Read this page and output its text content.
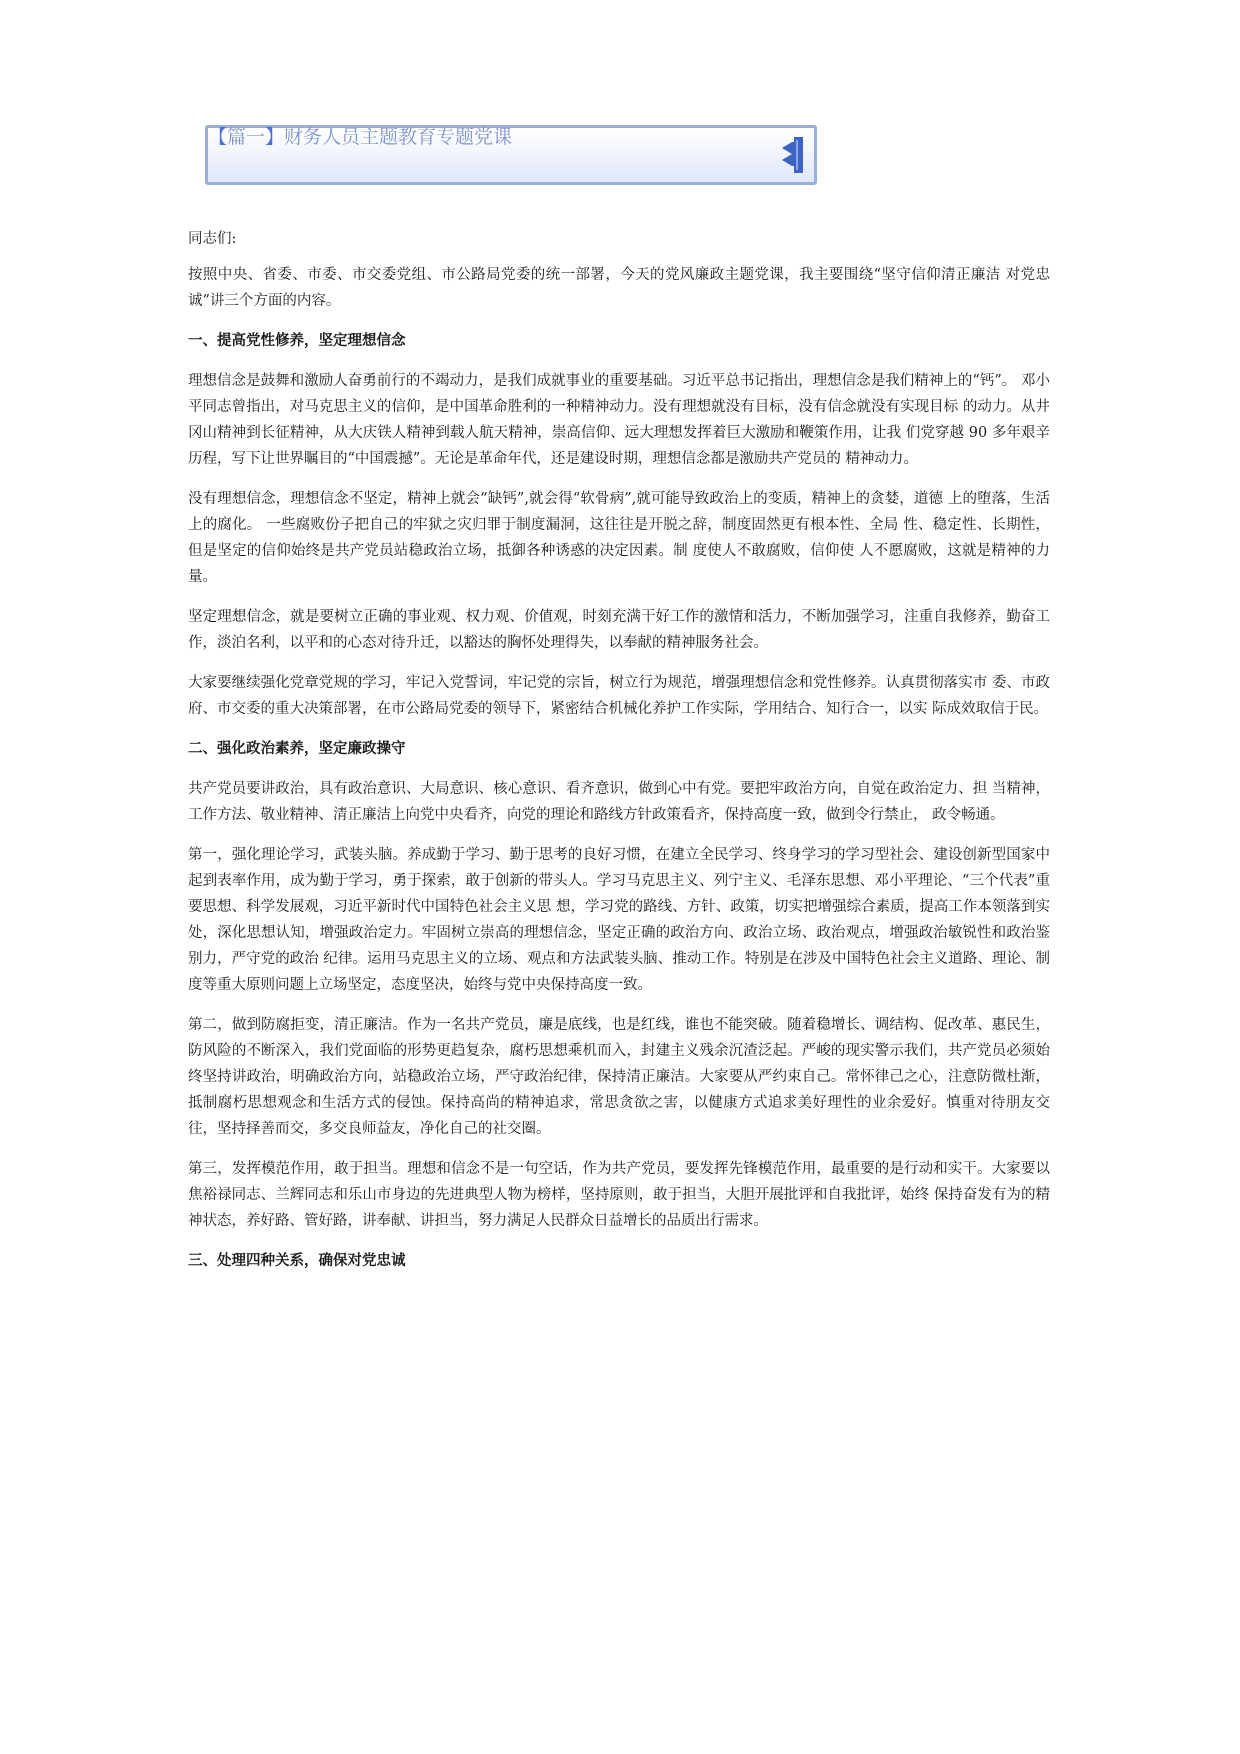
【篇一】财务人员主题教育专题党课

同志们:

按照中央、省委、市委、市交委党组、市公路局党委的统一部署，今天的党风廉政主题党课，我主要围绕“坚守信仰清正廉洁 对党忠诚”讲三个方面的内容。

一、提高党性修养，坚定理想信念

理想信念是鼓舞和激励人奋勇前行的不竭动力，是我们成就事业的重要基础。习近平总书记指出，理想信念是我们精神上的“钙”。 邓小平同志曾指出，对马克思主义的信仰，是中国革命胜利的一种精神动力。没有理想就没有目标，没有信念就没有实现目标 的动力。从井冈山精神到长征精神，从大庆铁人精神到载人航天精神，崇高信仰、远大理想发挥着巨大激励和鞭策作用，让我 们党穿越 90 多年艰辛历程，写下让世界瞩目的“中国震撼”。无论是革命年代，还是建设时期，理想信念都是激励共产党员的 精神动力。

没有理想信念，理想信念不坚定，精神上就会“缺钙”,就会得“软骨病”,就可能导致政治上的变质，精神上的贪婪，道德 上的堕落，生活上的腐化。 一些腐败份子把自己的牢狱之灾归罪于制度漏洞，这往往是开脱之辞，制度固然更有根本性、全局 性、稳定性、长期性，但是坚定的信仰始终是共产党员站稳政治立场，抵御各种诱惑的决定因素。制 度使人不敢腐败，信仰使 人不愿腐败，这就是精神的力量。

坚定理想信念，就是要树立正确的事业观、权力观、价值观，时刻充满干好工作的激情和活力，不断加强学习，注重自我修养，勤奋工作，淡泊名利，以平和的心态对待升迁，以豁达的胸怀处理得失，以奉献的精神服务社会。

大家要继续强化党章党规的学习，牢记入党誓词，牢记党的宗旨，树立行为规范，增强理想信念和党性修养。认真贯彻落实市 委、市政府、市交委的重大决策部署，在市公路局党委的领导下，紧密结合机械化养护工作实际，学用结合、知行合一，以实 际成效取信于民。

二、强化政治素养，坚定廉政操守

共产党员要讲政治，具有政治意识、大局意识、核心意识、看齐意识，做到心中有党。要把牢政治方向，自觉在政治定力、担 当精神，工作方法、敬业精神、清正廉洁上向党中央看齐，向党的理论和路线方针政策看齐，保持高度一致，做到令行禁止， 政令畅通。

第一，强化理论学习，武装头脑。养成勤于学习、勤于思考的良好习惯，在建立全民学习、终身学习的学习型社会、建设创新型国家中起到表率作用，成为勤于学习，勇于探索，敢于创新的带头人。学习马克思主义、列宁主义、毛泽东思想、邓小平理论、“三个代表”重要思想、科学发展观，习近平新时代中国特色社会主义思 想，学习党的路线、方针、政策，切实把增强综合素质，提高工作本领落到实处，深化思想认知，增强政治定力。牢固树立崇高的理想信念，坚定正确的政治方向、政治立场、政治观点，增强政治敏锐性和政治鉴别力，严守党的政治 纪律。运用马克思主义的立场、观点和方法武装头脑、推动工作。特别是在涉及中国特色社会主义道路、理论、制度等重大原则问题上立场坚定，态度坚决，始终与党中央保持高度一致。

第二，做到防腐拒变，清正廉洁。作为一名共产党员，廉是底线，也是红线，谁也不能突破。随着稳增长、调结构、促改革、惠民生，防风险的不断深入，我们党面临的形势更趋复杂，腐朽思想乘机而入，封建主义残余沉渣泛起。严峻的现实警示我们，共产党员必须始终坚持讲政治，明确政治方向，站稳政治立场，严守政治纪律，保持清正廉洁。大家要从严约束自己。常怀律己之心，注意防微杜渐，抵制腐朽思想观念和生活方式的侵蚀。保持高尚的精神追求，常思贪欲之害，以健康方式追求美好理性的业余爱好。慎重对待朋友交往，坚持择善而交，多交良师益友，净化自己的社交圈。

第三，发挥模范作用，敢于担当。理想和信念不是一句空话，作为共产党员，要发挥先锋模范作用，最重要的是行动和实干。大家要以焦裕禄同志、兰辉同志和乐山市身边的先进典型人物为榜样，坚持原则，敢于担当，大胆开展批评和自我批评，始终 保持奋发有为的精神状态，养好路、管好路，讲奉献、讲担当，努力满足人民群众日益增长的品质出行需求。

三、处理四种关系，确保对党忠诚
